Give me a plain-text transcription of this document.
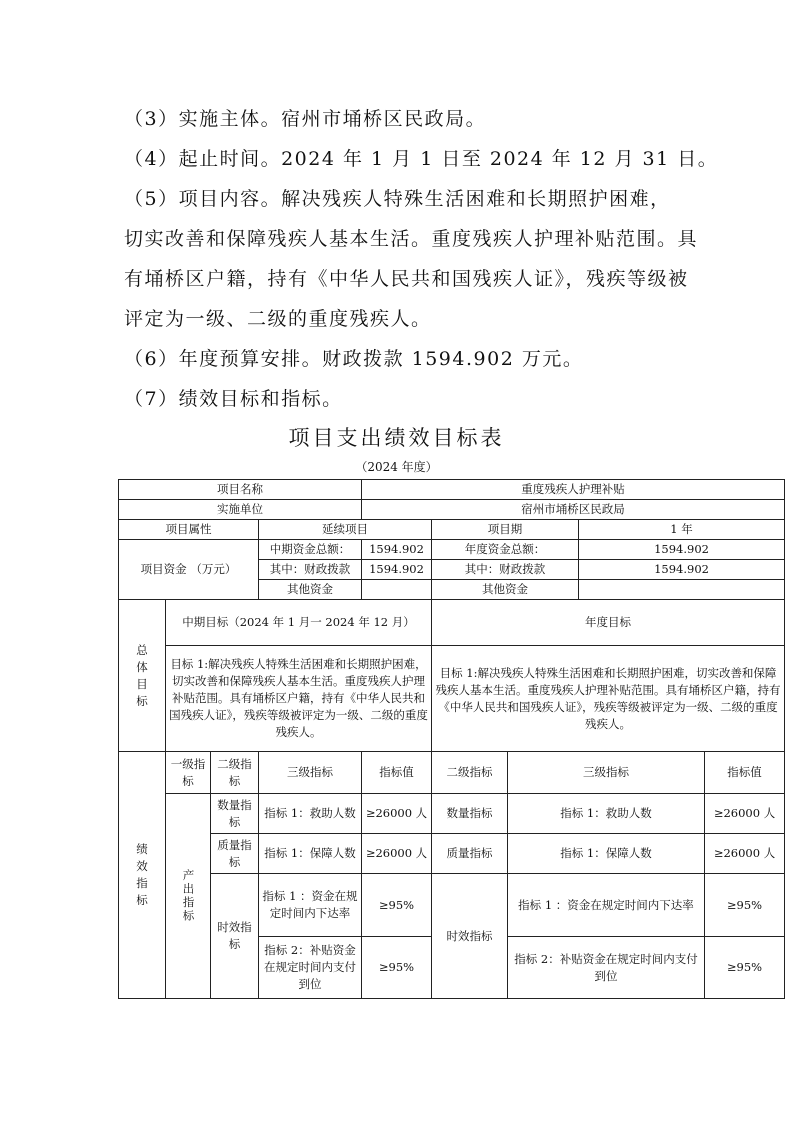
（3）实施主体。宿州市埇桥区民政局。
（4）起止时间。2024 年 1 月 1 日至 2024 年 12 月 31 日。
（5）项目内容。解决残疾人特殊生活困难和长期照护困难，
切实改善和保障残疾人基本生活。重度残疾人护理补贴范围。具
有埇桥区户籍，持有《中华人民共和国残疾人证》，残疾等级被
评定为一级、二级的重度残疾人。
（6）年度预算安排。财政拨款 1594.902 万元。
（7）绩效目标和指标。
项目支出绩效目标表
（2024 年度）
项目名称				重度残疾人护理补贴				
实施单位				宿州市埇桥区民政局				
项目属性			延续项目		项目期		1 年	
项目资金 （万元）			中期资金总额：	1594.902	年度资金总额：		1594.902	
			其中：财政拨款	1594.902	其中：财政拨款		1594.902	
			其他资金		其他资金			

总
体
目
标	中期目标（2024 年 1 月一 2024 年 12 月）				年度目标			
	目标 1:解决残疾人特殊生活困难和长期照护困难，切实改善和保障残疾人基本生活。重度残疾人护理补贴范围。具有埇桥区户籍，持有《中华人民共和国残疾人证》，残疾等级被评定为一级、二级的重度残疾人。				目标 1:解决残疾人特殊生活困难和长期照护困难，切实改善和保障残疾人基本生活。重度残疾人护理补贴范围。具有埇桥区户籍，持有《中华人民共和国残疾人证》，残疾等级被评定为一级、二级的重度残疾人。			

绩
效
指
标	一级指标	二级指标	三级指标	指标值	二级指标	三级指标		指标值

	产出指标	数量指标	指标 1：救助人数	≥26000 人	数量指标	指标 1：救助人数		≥26000 人
		质量指标	指标 1：保障人数	≥26000 人	质量指标	指标 1：保障人数		≥26000 人
		时效指标	指标 1 ：资金在规定时间内下达率	≥95%	时效指标	指标 1 ：资金在规定时间内下达率		≥95%

			指标 2：补贴资金在规定时间内支付到位	≥95%		指标 2：补贴资金在规定时间内支付到位		≥95%
